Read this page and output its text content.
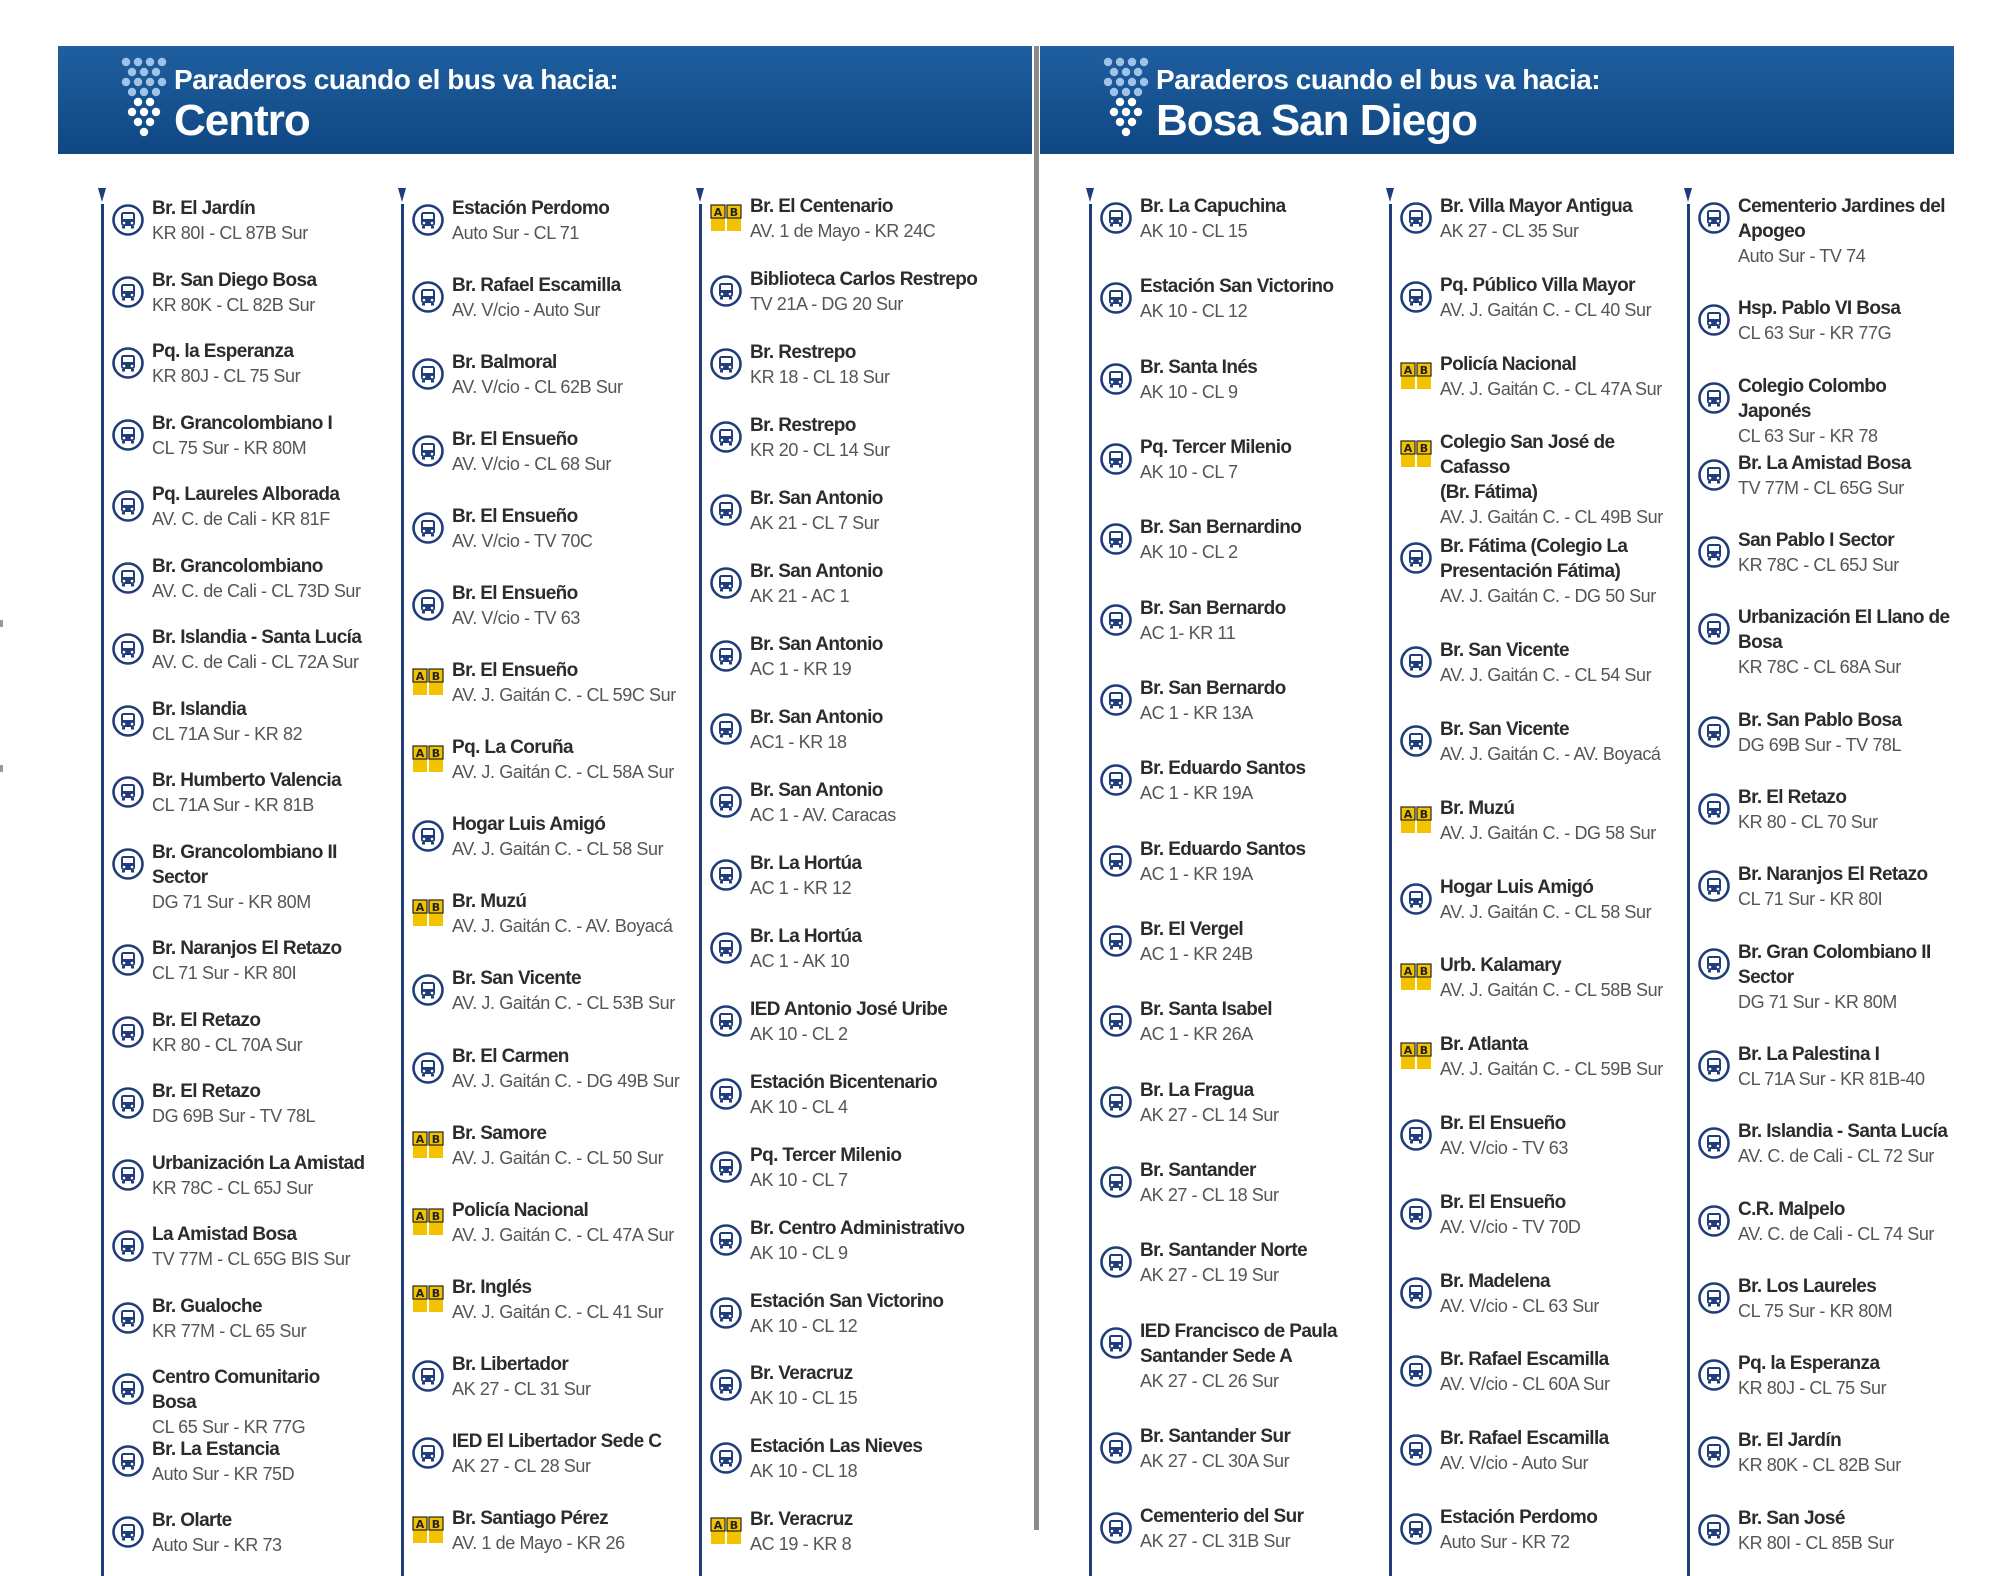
Paraderos cuando el bus va hacia:
Centro
Br. El Jardín
KR 80I - CL 87B Sur
Br. San Diego Bosa
KR 80K - CL 82B Sur
Pq. la Esperanza
KR 80J - CL 75 Sur
Br. Grancolombiano I
CL 75 Sur - KR 80M
Pq. Laureles Alborada
AV. C. de Cali - KR 81F
Br. Grancolombiano
AV. C. de Cali - CL 73D Sur
Br. Islandia - Santa Lucía
AV. C. de Cali - CL 72A Sur
Br. Islandia
CL 71A Sur - KR 82
Br. Humberto Valencia
CL 71A Sur - KR 81B
Br. Grancolombiano II
Sector
DG 71 Sur - KR 80M
Br. Naranjos El Retazo
CL 71 Sur - KR 80I
Br. El Retazo
KR 80 - CL 70A Sur
Br. El Retazo
DG 69B Sur - TV 78L
Urbanización La Amistad
KR 78C - CL 65J Sur
La Amistad Bosa
TV 77M - CL 65G BIS Sur
Br. Gualoche
KR 77M - CL 65 Sur
Centro Comunitario Bosa
CL 65 Sur - KR 77G
Br. La Estancia
Auto Sur - KR 75D
Br. Olarte
Auto Sur - KR 73
Estación Perdomo
Auto Sur - CL 71
Br. Rafael Escamilla
AV. V/cio - Auto Sur
Br. Balmoral
AV. V/cio - CL 62B Sur
Br. El Ensueño
AV. V/cio - CL 68 Sur
Br. El Ensueño
AV. V/cio - TV 70C
Br. El Ensueño
AV. V/cio - TV 63
A B Br. El Ensueño
AV. J. Gaitán C. - CL 59C Sur
A B Pq. La Coruña
AV. J. Gaitán C. - CL 58A Sur
Hogar Luis Amigó
AV. J. Gaitán C. - CL 58 Sur
A B Br. Muzú
AV. J. Gaitán C. - AV. Boyacá
Br. San Vicente
AV. J. Gaitán C. - CL 53B Sur
Br. El Carmen
AV. J. Gaitán C. - DG 49B Sur
A B Br. Samore
AV. J. Gaitán C. - CL 50 Sur
A B Policía Nacional
AV. J. Gaitán C. - CL 47A Sur
A B Br. Inglés
AV. J. Gaitán C. - CL 41 Sur
Br. Libertador
AK 27 - CL 31 Sur
IED El Libertador Sede C
AK 27 - CL 28 Sur
A B Br. Santiago Pérez
AV. 1 de Mayo - KR 26
A B Br. El Centenario
AV. 1 de Mayo - KR 24C
Biblioteca Carlos Restrepo
TV 21A - DG 20 Sur
Br. Restrepo
KR 18 - CL 18 Sur
Br. Restrepo
KR 20 - CL 14 Sur
Br. San Antonio
AK 21 - CL 7 Sur
Br. San Antonio
AK 21 - AC 1
Br. San Antonio
AC 1 - KR 19
Br. San Antonio
AC1 - KR 18
Br. San Antonio
AC 1 - AV. Caracas
Br. La Hortúa
AC 1 - KR 12
Br. La Hortúa
AC 1 - AK 10
IED Antonio José Uribe
AK 10 - CL 2
Estación Bicentenario
AK 10 - CL 4
Pq. Tercer Milenio
AK 10 - CL 7
Br. Centro Administrativo
AK 10 - CL 9
Estación San Victorino
AK 10 - CL 12
Br. Veracruz
AK 10 - CL 15
Estación Las Nieves
AK 10 - CL 18
A B Br. Veracruz
AC 19 - KR 8
Paraderos cuando el bus va hacia:
Bosa San Diego
Br. La Capuchina
AK 10 - CL 15
Estación San Victorino
AK 10 - CL 12
Br. Santa Inés
AK 10 - CL 9
Pq. Tercer Milenio
AK 10 - CL 7
Br. San Bernardino
AK 10 - CL 2
Br. San Bernardo
AC 1- KR 11
Br. San Bernardo
AC 1 - KR 13A
Br. Eduardo Santos
AC 1 - KR 19A
Br. Eduardo Santos
AC 1 - KR 19A
Br. El Vergel
AC 1 - KR 24B
Br. Santa Isabel
AC 1 - KR 26A
Br. La Fragua
AK 27 - CL 14 Sur
Br. Santander
AK 27 - CL 18 Sur
Br. Santander Norte
AK 27 - CL 19 Sur
IED Francisco de Paula
Santander Sede A
AK 27 - CL 26 Sur
Br. Santander Sur
AK 27 - CL 30A Sur
Cementerio del Sur
AK 27 - CL 31B Sur
Br. Villa Mayor Antigua
AK 27 - CL 35 Sur
Pq. Público Villa Mayor
AV. J. Gaitán C. - CL 40 Sur
A B Policía Nacional
AV. J. Gaitán C. - CL 47A Sur
A B Colegio San José de Cafasso
(Br. Fátima)
AV. J. Gaitán C. - CL 49B Sur
Br. Fátima (Colegio La
Presentación Fátima)
AV. J. Gaitán C. - DG 50 Sur
Br. San Vicente
AV. J. Gaitán C. - CL 54 Sur
Br. San Vicente
AV. J. Gaitán C. - AV. Boyacá
A B Br. Muzú
AV. J. Gaitán C. - DG 58 Sur
Hogar Luis Amigó
AV. J. Gaitán C. - CL 58 Sur
A B Urb. Kalamary
AV. J. Gaitán C. - CL 58B Sur
A B Br. Atlanta
AV. J. Gaitán C. - CL 59B Sur
Br. El Ensueño
AV. V/cio - TV 63
Br. El Ensueño
AV. V/cio - TV 70D
Br. Madelena
AV. V/cio - CL 63 Sur
Br. Rafael Escamilla
AV. V/cio - CL 60A Sur
Br. Rafael Escamilla
AV. V/cio - Auto Sur
Estación Perdomo
Auto Sur - KR 72
Cementerio Jardines del
Apogeo
Auto Sur - TV 74
Hsp. Pablo VI Bosa
CL 63 Sur - KR 77G
Colegio Colombo Japonés
CL 63 Sur - KR 78
Br. La Amistad Bosa
TV 77M - CL 65G Sur
San Pablo I Sector
KR 78C - CL 65J Sur
Urbanización El Llano de
Bosa
KR 78C - CL 68A Sur
Br. San Pablo Bosa
DG 69B Sur - TV 78L
Br. El Retazo
KR 80 - CL 70 Sur
Br. Naranjos El Retazo
CL 71 Sur - KR 80I
Br. Gran Colombiano II
Sector
DG 71 Sur - KR 80M
Br. La Palestina I
CL 71A Sur - KR 81B-40
Br. Islandia - Santa Lucía
AV. C. de Cali - CL 72 Sur
C.R. Malpelo
AV. C. de Cali - CL 74 Sur
Br. Los Laureles
CL 75 Sur - KR 80M
Pq. la Esperanza
KR 80J - CL 75 Sur
Br. El Jardín
KR 80K - CL 82B Sur
Br. San José
KR 80I - CL 85B Sur
